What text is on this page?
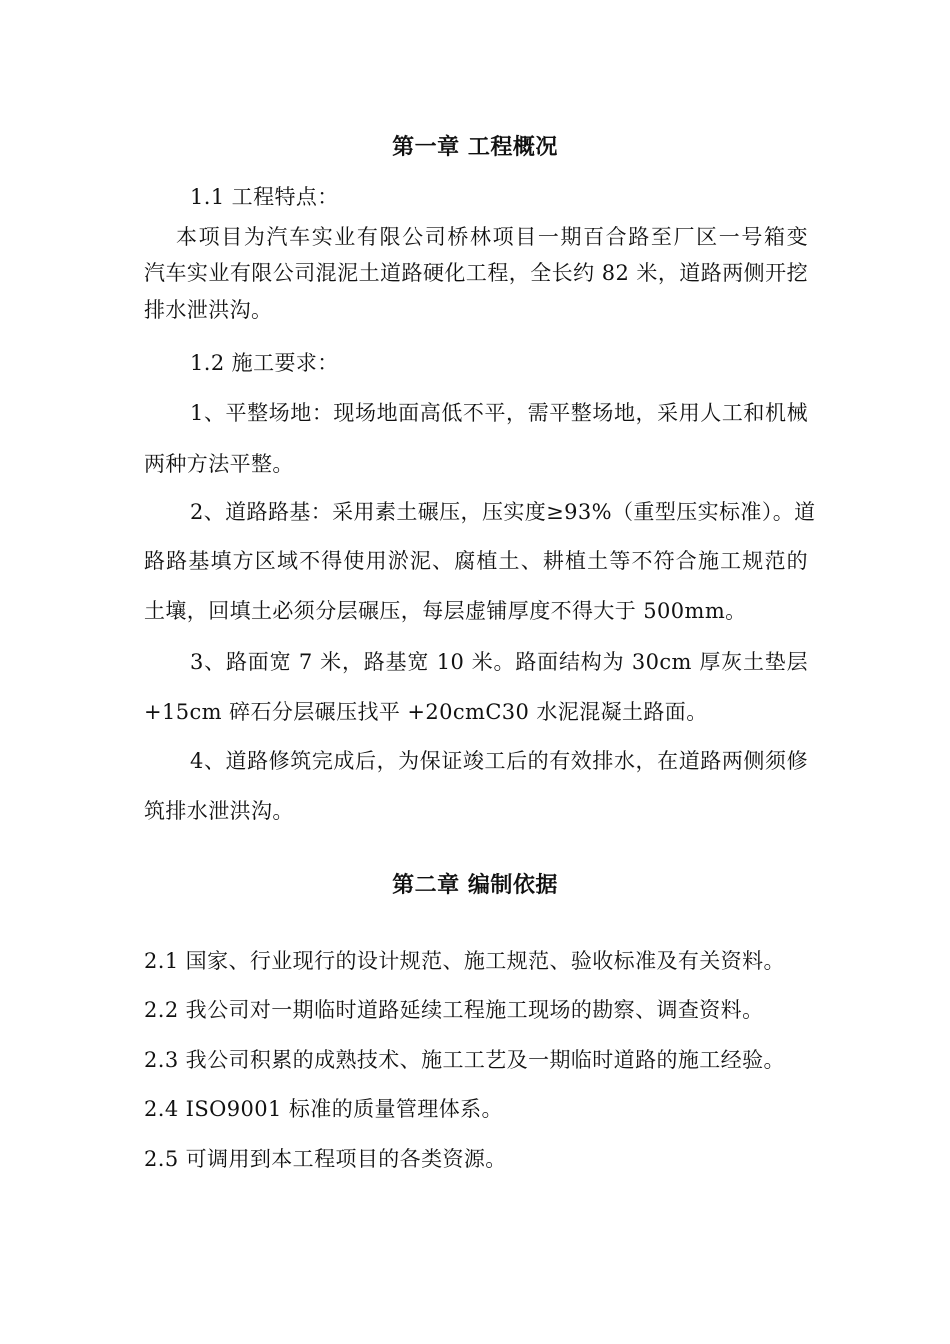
第一章 工程概况
1.1 工程特点：
本项目为汽车实业有限公司桥林项目一期百合路至厂区一号箱变
汽车实业有限公司混泥土道路硬化工程，全长约 82 米，道路两侧开挖
排水泄洪沟。
1.2 施工要求：
1、平整场地：现场地面高低不平，需平整场地，采用人工和机械
两种方法平整。
2、道路路基：采用素土碾压，压实度≥93%（重型压实标准）。道
路路基填方区域不得使用淤泥、腐植土、耕植土等不符合施工规范的
土壤，回填土必须分层碾压，每层虚铺厚度不得大于 500mm。
3、路面宽 7 米，路基宽 10 米。路面结构为 30cm 厚灰土垫层
+15cm 碎石分层碾压找平 +20cmC30 水泥混凝土路面。
4、道路修筑完成后，为保证竣工后的有效排水，在道路两侧须修
筑排水泄洪沟。
第二章 编制依据
2.1 国家、行业现行的设计规范、施工规范、验收标准及有关资料。
2.2 我公司对一期临时道路延续工程施工现场的勘察、调查资料。
2.3 我公司积累的成熟技术、施工工艺及一期临时道路的施工经验。
2.4 ISO9001 标准的质量管理体系。
2.5 可调用到本工程项目的各类资源。
